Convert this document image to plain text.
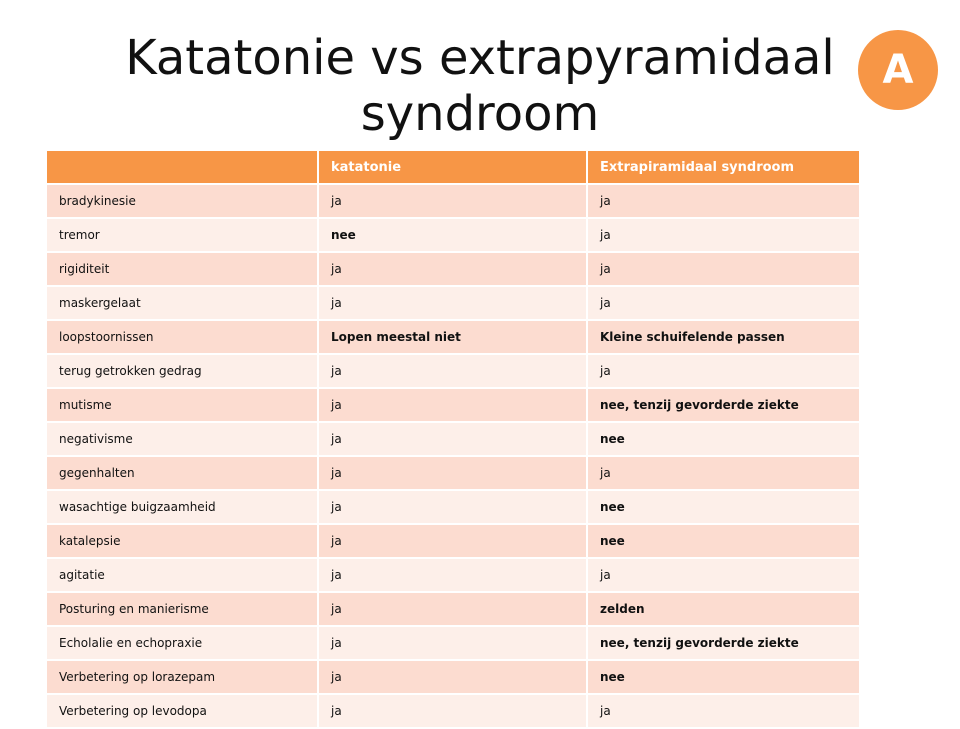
Katatonie vs extrapyramidaal syndroom
A
	katatonie	Extrapiramidaal syndroom
bradykinesie	ja	ja
tremor	nee	ja
rigiditeit	ja	ja
maskergelaat	ja	ja
loopstoornissen	Lopen meestal niet	Kleine schuifelende passen
terug getrokken gedrag	ja	ja
mutisme	ja	nee, tenzij gevorderde ziekte
negativisme	ja	nee
gegenhalten	ja	ja
wasachtige buigzaamheid	ja	nee
katalepsie	ja	nee
agitatie	ja	ja
Posturing en manierisme	ja	zelden
Echolalie en echopraxie	ja	nee, tenzij gevorderde ziekte
Verbetering op lorazepam	ja	nee
Verbetering op levodopa	ja	ja
